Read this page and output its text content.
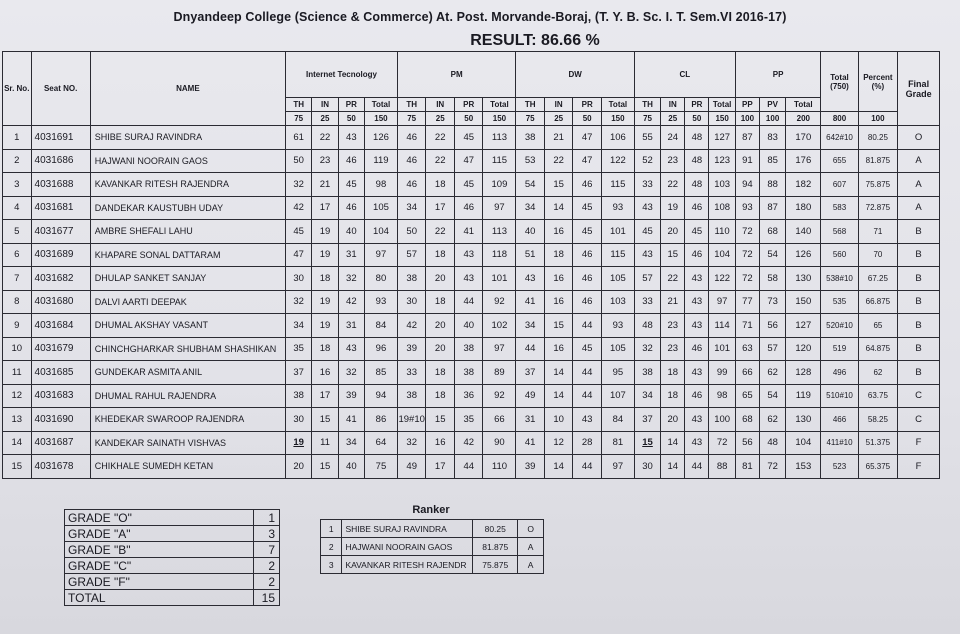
Dnyandeep College (Science & Commerce) At. Post. Morvande-Boraj, (T. Y. B. Sc. I. T. Sem.VI 2016-17)
RESULT: 86.66 %
Sr. No.	Seat NO.	NAME	Internet Tecnology				PM				DW				CL				PP			Total (750)	Percent (%)	Final Grade
			TH	IN	PR	Total	TH	IN	PR	Total	TH	IN	PR	Total	TH	IN	PR	Total	PP	PV	Total			
			75	25	50	150	75	25	50	150	75	25	50	150	75	25	50	150	100	100	200	800	100	
1	4031691	SHIBE SURAJ RAVINDRA	61	22	43	126	46	22	45	113	38	21	47	106	55	24	48	127	87	83	170	642#10	80.25	O
2	4031686	HAJWANI NOORAIN GAOS	50	23	46	119	46	22	47	115	53	22	47	122	52	23	48	123	91	85	176	655	81.875	A
3	4031688	KAVANKAR RITESH RAJENDRA	32	21	45	98	46	18	45	109	54	15	46	115	33	22	48	103	94	88	182	607	75.875	A
4	4031681	DANDEKAR KAUSTUBH UDAY	42	17	46	105	34	17	46	97	34	14	45	93	43	19	46	108	93	87	180	583	72.875	A
5	4031677	AMBRE SHEFALI LAHU	45	19	40	104	50	22	41	113	40	16	45	101	45	20	45	110	72	68	140	568	71	B
6	4031689	KHAPARE SONAL DATTARAM	47	19	31	97	57	18	43	118	51	18	46	115	43	15	46	104	72	54	126	560	70	B
7	4031682	DHULAP SANKET SANJAY	30	18	32	80	38	20	43	101	43	16	46	105	57	22	43	122	72	58	130	538#10	67.25	B
8	4031680	DALVI AARTI DEEPAK	32	19	42	93	30	18	44	92	41	16	46	103	33	21	43	97	77	73	150	535	66.875	B
9	4031684	DHUMAL AKSHAY VASANT	34	19	31	84	42	20	40	102	34	15	44	93	48	23	43	114	71	56	127	520#10	65	B
10	4031679	CHINCHGHARKAR SHUBHAM SHASHIKAN	35	18	43	96	39	20	38	97	44	16	45	105	32	23	46	101	63	57	120	519	64.875	B
11	4031685	GUNDEKAR ASMITA ANIL	37	16	32	85	33	18	38	89	37	14	44	95	38	18	43	99	66	62	128	496	62	B
12	4031683	DHUMAL RAHUL RAJENDRA	38	17	39	94	38	18	36	92	49	14	44	107	34	18	46	98	65	54	119	510#10	63.75	C
13	4031690	KHEDEKAR SWAROOP RAJENDRA	30	15	41	86	19#10	15	35	66	31	10	43	84	37	20	43	100	68	62	130	466	58.25	C
14	4031687	KANDEKAR SAINATH VISHVAS	19	11	34	64	32	16	42	90	41	12	28	81	15	14	43	72	56	48	104	411#10	51.375	F
15	4031678	CHIKHALE SUMEDH KETAN	20	15	40	75	49	17	44	110	39	14	44	97	30	14	44	88	81	72	153	523	65.375	F
GRADE "O"	1
GRADE "A"	3
GRADE "B"	7
GRADE "C"	2
GRADE "F"	2
TOTAL	15
Ranker
1	SHIBE SURAJ RAVINDRA	80.25	O
2	HAJWANI NOORAIN GAOS	81.875	A
3	KAVANKAR RITESH RAJENDR	75.875	A
